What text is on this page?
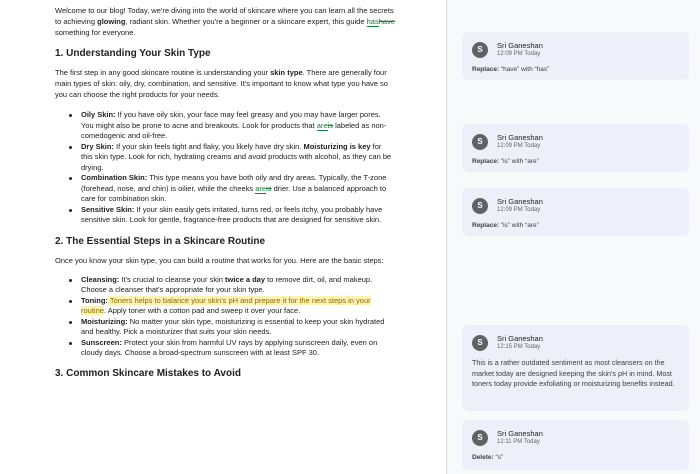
Welcome to our blog! Today, we're diving into the world of skincare where you can learn all the secrets to achieving glowing, radiant skin. Whether you're a beginner or a skincare expert, this guide hashave something for everyone.

1. Understanding Your Skin Type

The first step in any good skincare routine is understanding your skin type. There are generally four main types of skin: oily, dry, combination, and sensitive. It's important to know what type you have so you can choose the right products for your needs.

Oily Skin: If you have oily skin, your face may feel greasy and you may have larger pores. You might also be prone to acne and breakouts. Look for products that areis labeled as non-comedogenic and oil-free.
Dry Skin: If your skin feels tight and flaky, you likely have dry skin. Moisturizing is key for this skin type. Look for rich, hydrating creams and avoid products with alcohol, as they can be drying.
Combination Skin: This type means you have both oily and dry areas. Typically, the T-zone (forehead, nose, and chin) is oilier, while the cheeks areis drier. Use a balanced approach to care for combination skin.
Sensitive Skin: If your skin easily gets irritated, turns red, or feels itchy, you probably have sensitive skin. Look for gentle, fragrance-free products that are designed for sensitive skin.
2. The Essential Steps in a Skincare Routine

Once you know your skin type, you can build a routine that works for you. Here are the basic steps:

Cleansing: It's crucial to cleanse your skin twice a day to remove dirt, oil, and makeup. Choose a cleanser that's appropriate for your skin type.
Toning: Toners helps to balance your skin's pH and prepare it for the next steps in your routine. Apply toner with a cotton pad and sweep it over your face.
Moisturizing: No matter your skin type, moisturizing is essential to keep your skin hydrated and healthy. Pick a moisturizer that suits your skin needs.
Sunscreen: Protect your skin from harmful UV rays by applying sunscreen daily, even on cloudy days. Choose a broad-spectrum sunscreen with at least SPF 30.
3. Common Skincare Mistakes to Avoid
S	Sri Ganeshan
12:09 PM Today
Replace: “have” with “has”
S	Sri Ganeshan
12:09 PM Today
Replace: “is” with “are”
S	Sri Ganeshan
12:09 PM Today
Replace: “is” with “are”
S	Sri Ganeshan
12:15 PM Today
This is a rather outdated sentiment as most cleansers on the market today are designed keeping the skin's pH in mind. Most toners today provide exfoliating or moisturizing benefits instead.
S	Sri Ganeshan
12:11 PM Today
Delete: “s”
